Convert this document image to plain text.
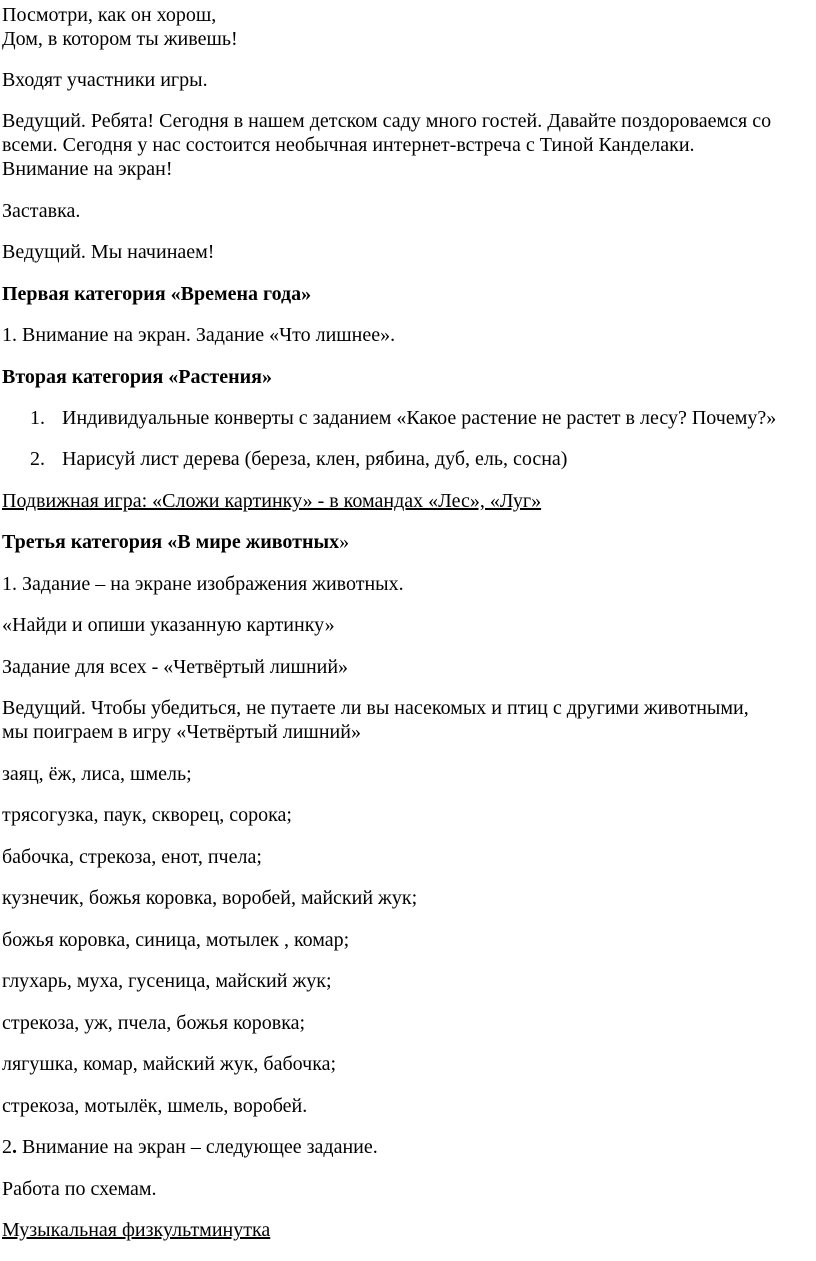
Посмотри, как он хорош,
Дом, в котором ты живешь!
Входят участники игры.
Ведущий. Ребята! Сегодня в нашем детском саду много гостей. Давайте поздороваемся со
всеми. Сегодня у нас состоится необычная интернет-встреча с Тиной Канделаки.
Внимание на экран!
Заставка.
Ведущий. Мы начинаем!
Первая категория «Времена года»
1. Внимание на экран. Задание «Что лишнее».
Вторая категория «Растения»
1. Индивидуальные конверты с заданием «Какое растение не растет в лесу? Почему?»
2. Нарисуй лист дерева (береза, клен, рябина, дуб, ель, сосна)
Подвижная игра: «Сложи картинку» - в командах «Лес», «Луг»
Третья категория «В мире животных»
1. Задание – на экране изображения животных.
«Найди и опиши указанную картинку»
Задание для всех - «Четвёртый лишний»
Ведущий. Чтобы убедиться, не путаете ли вы насекомых и птиц с другими животными,
мы поиграем в игру «Четвёртый лишний»
заяц, ёж, лиса, шмель;
трясогузка, паук, скворец, сорока;
бабочка, стрекоза, енот, пчела;
кузнечик, божья коровка, воробей, майский жук;
божья коровка, синица, мотылек , комар;
глухарь, муха, гусеница, майский жук;
стрекоза, уж, пчела, божья коровка;
лягушка, комар, майский жук, бабочка;
стрекоза, мотылёк, шмель, воробей.
2. Внимание на экран – следующее задание.
Работа по схемам.
Музыкальная физкультминутка
